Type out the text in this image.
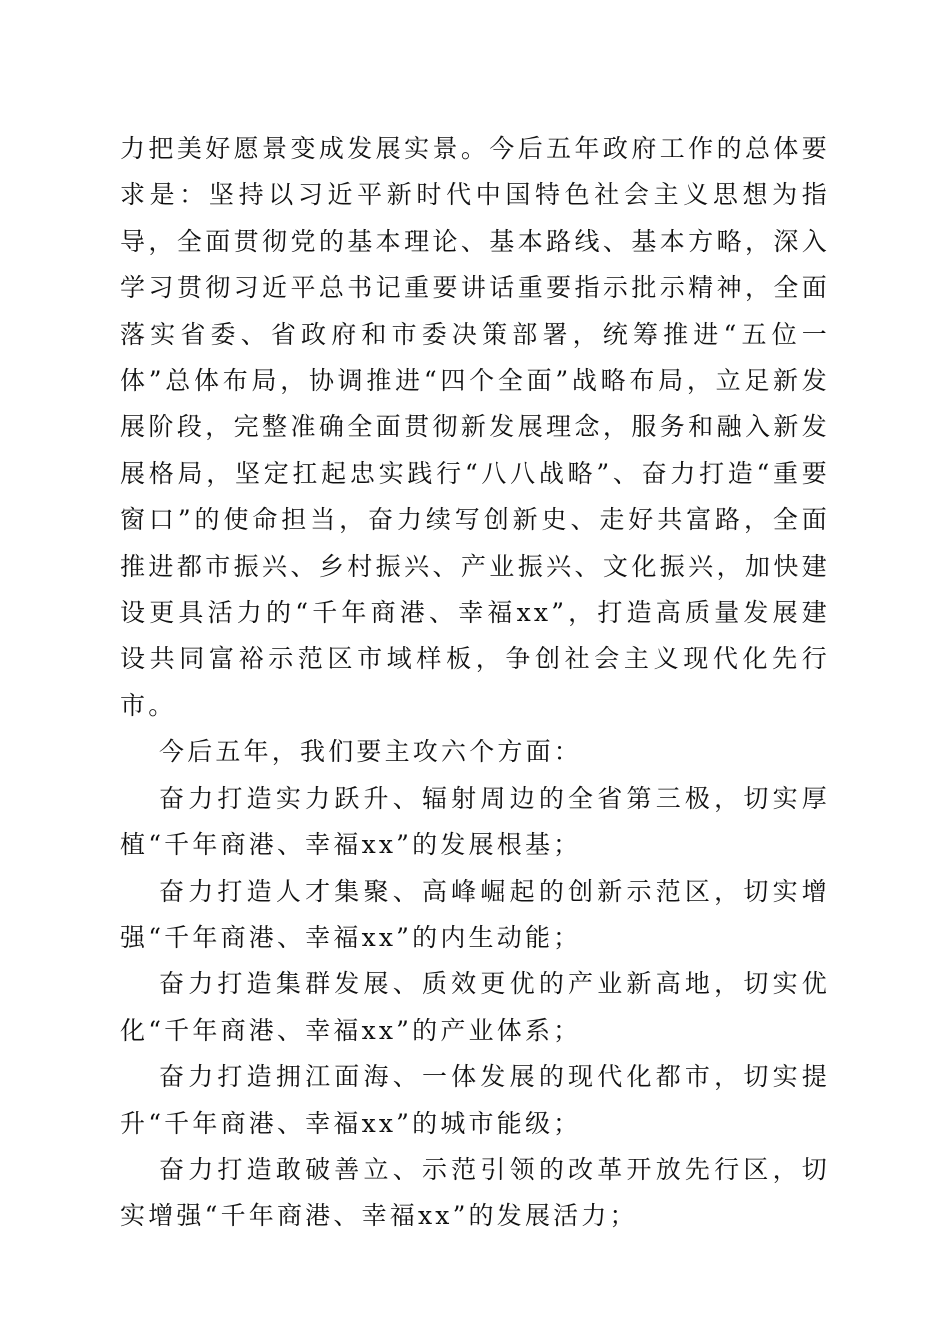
力把美好愿景变成发展实景。今后五年政府工作的总体要求是：坚持以习近平新时代中国特色社会主义思想为指导，全面贯彻党的基本理论、基本路线、基本方略，深入学习贯彻习近平总书记重要讲话重要指示批示精神，全面落实省委、省政府和市委决策部署，统筹推进“五位一体”总体布局，协调推进“四个全面”战略布局，立足新发展阶段，完整准确全面贯彻新发展理念，服务和融入新发展格局，坚定扛起忠实践行“八八战略”、奋力打造“重要窗口”的使命担当，奋力续写创新史、走好共富路，全面推进都市振兴、乡村振兴、产业振兴、文化振兴，加快建设更具活力的“千年商港、幸福xx”，打造高质量发展建设共同富裕示范区市域样板，争创社会主义现代化先行市。

今后五年，我们要主攻六个方面：

奋力打造实力跃升、辐射周边的全省第三极，切实厚植“千年商港、幸福xx”的发展根基；

奋力打造人才集聚、高峰崛起的创新示范区，切实增强“千年商港、幸福xx”的内生动能；

奋力打造集群发展、质效更优的产业新高地，切实优化“千年商港、幸福xx”的产业体系；

奋力打造拥江面海、一体发展的现代化都市，切实提升“千年商港、幸福xx”的城市能级；

奋力打造敢破善立、示范引领的改革开放先行区，切实增强“千年商港、幸福xx”的发展活力；
